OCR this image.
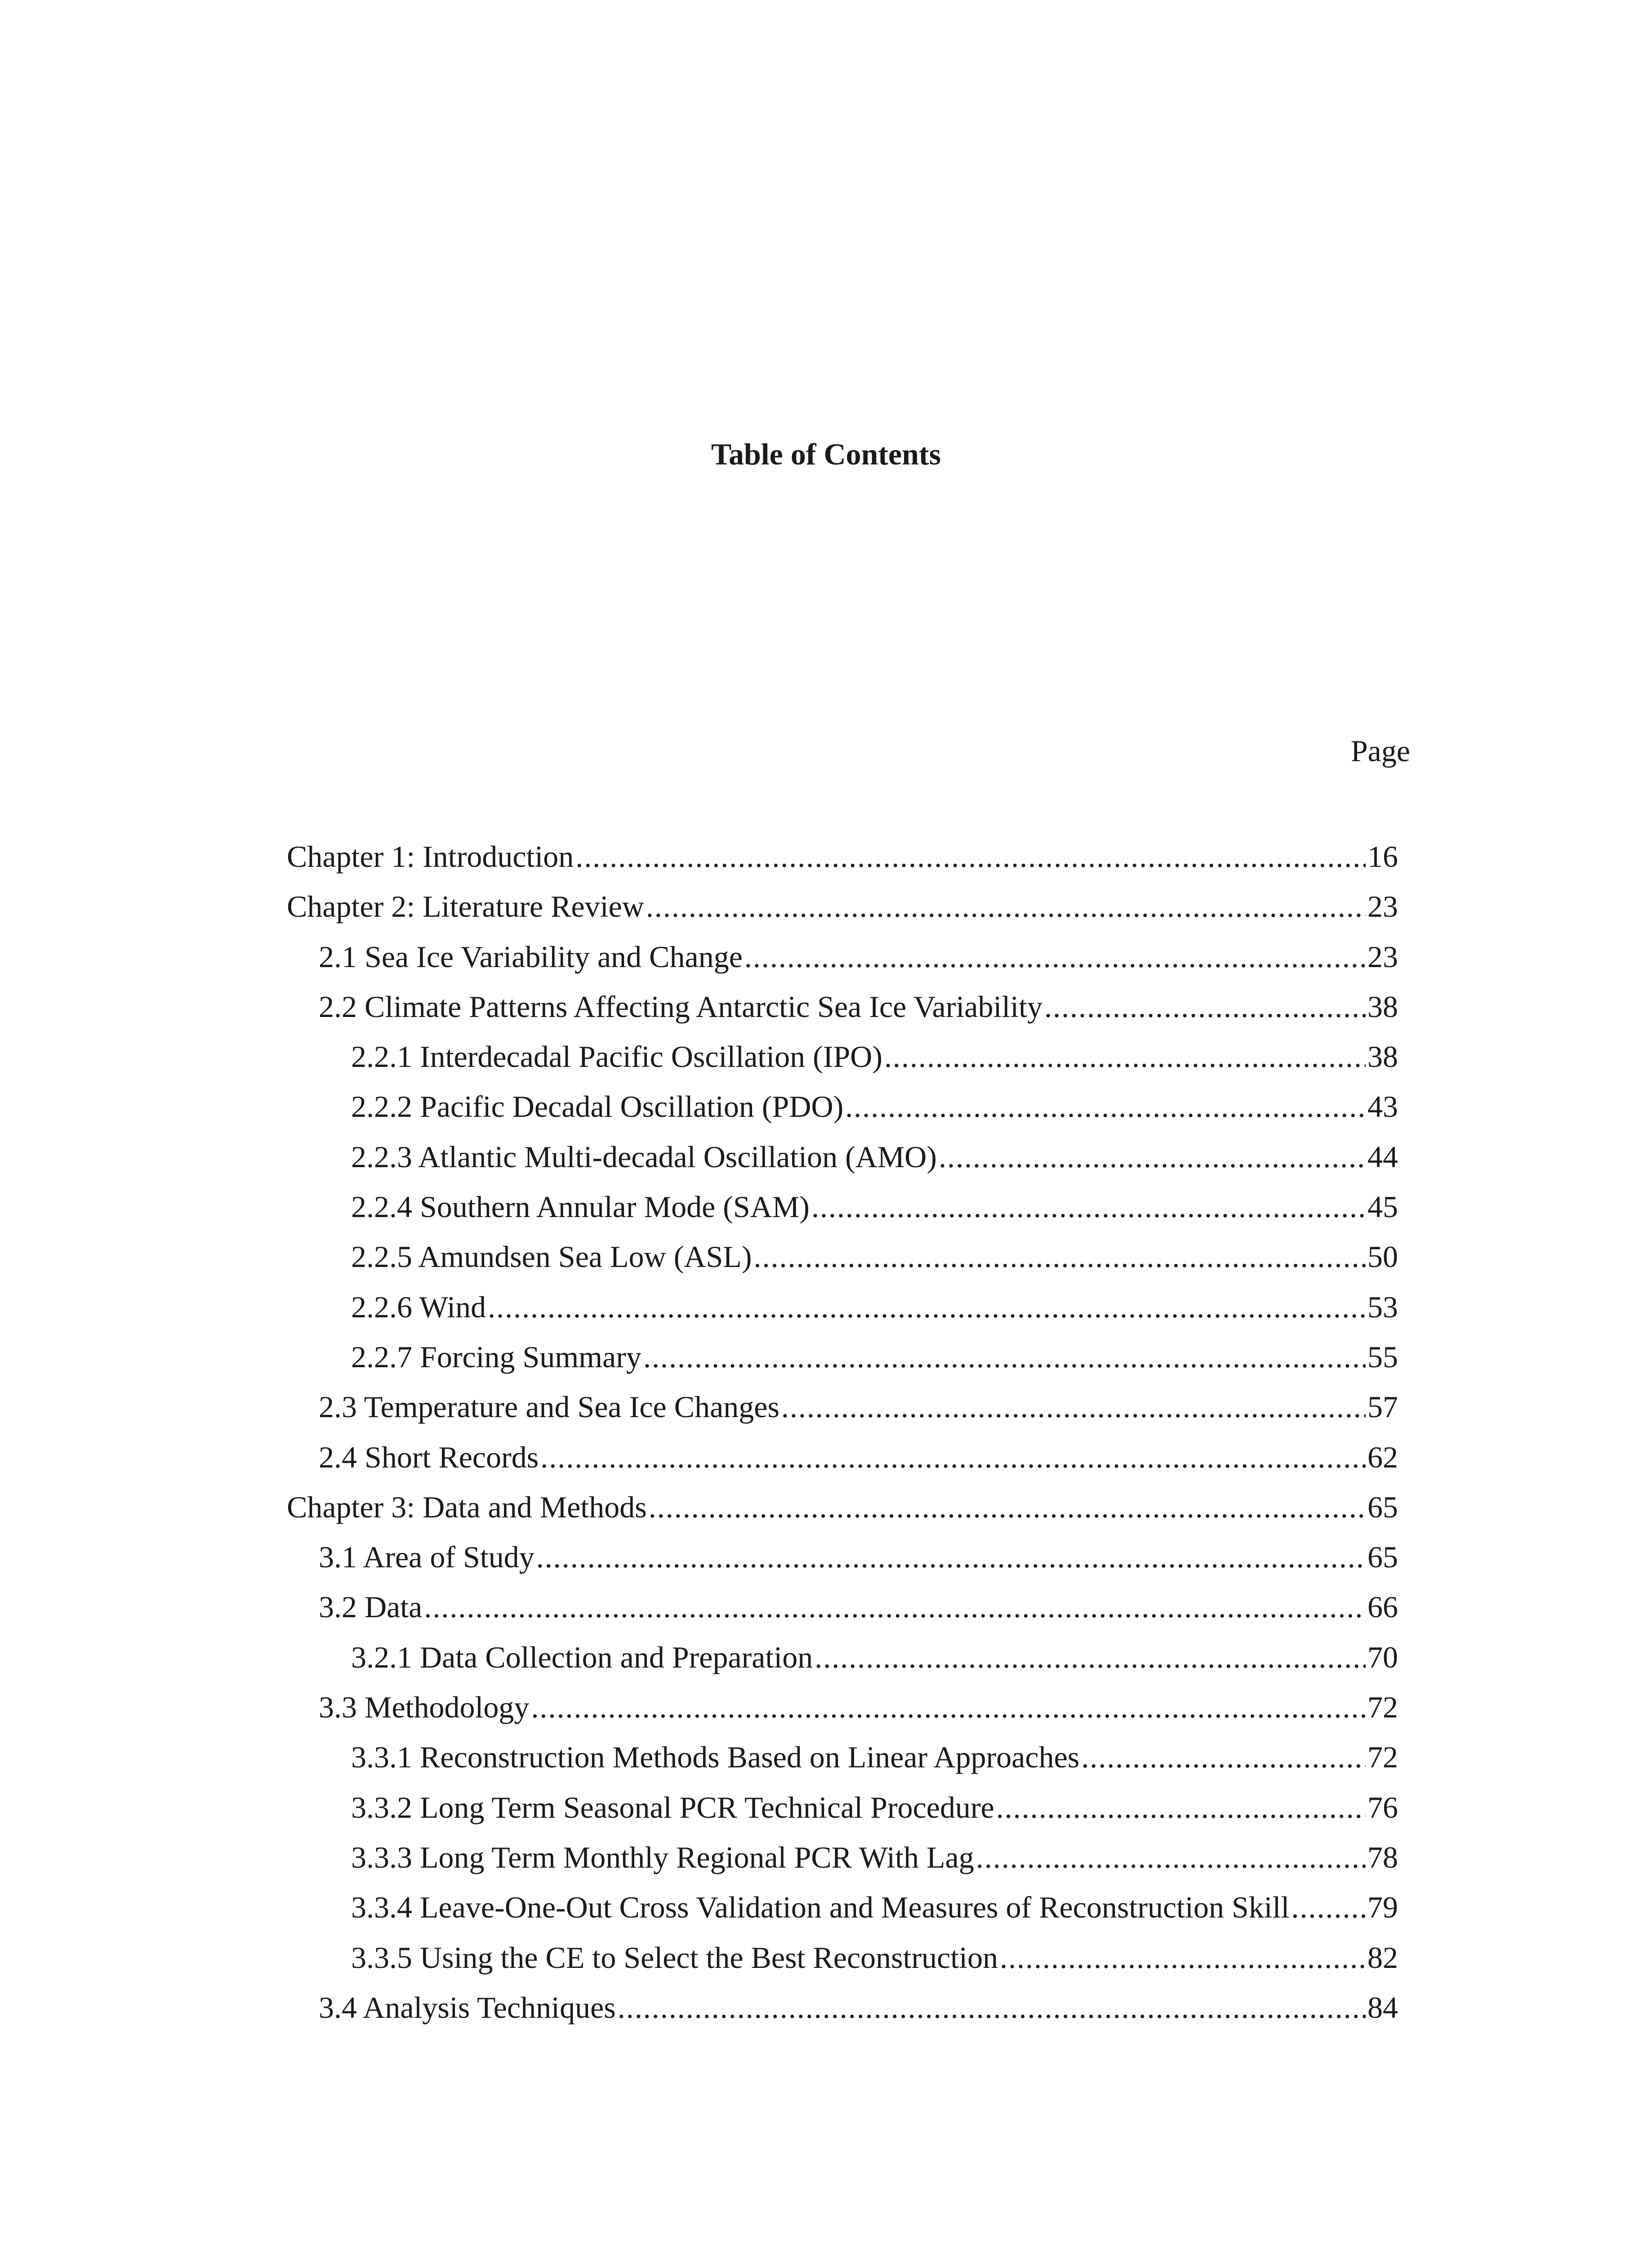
Table of Contents
Page
Chapter 1: Introduction .....	16
Chapter 2: Literature Review .....	23
2.1 Sea Ice Variability and Change .....	23
2.2 Climate Patterns Affecting Antarctic Sea Ice Variability .....	38
2.2.1 Interdecadal Pacific Oscillation (IPO) .....	38
2.2.2 Pacific Decadal Oscillation (PDO) .....	43
2.2.3 Atlantic Multi-decadal Oscillation (AMO) .....	44
2.2.4 Southern Annular Mode (SAM) .....	45
2.2.5 Amundsen Sea Low (ASL) .....	50
2.2.6 Wind .....	53
2.2.7 Forcing Summary .....	55
2.3 Temperature and Sea Ice Changes .....	57
2.4 Short Records .....	62
Chapter 3: Data and Methods .....	65
3.1 Area of Study .....	65
3.2 Data .....	66
3.2.1 Data Collection and Preparation .....	70
3.3 Methodology .....	72
3.3.1 Reconstruction Methods Based on Linear Approaches .....	72
3.3.2 Long Term Seasonal PCR Technical Procedure .....	76
3.3.3 Long Term Monthly Regional PCR With Lag .....	78
3.3.4 Leave-One-Out Cross Validation and Measures of Reconstruction Skill .....	79
3.3.5 Using the CE to Select the Best Reconstruction .....	82
3.4 Analysis Techniques .....	84
